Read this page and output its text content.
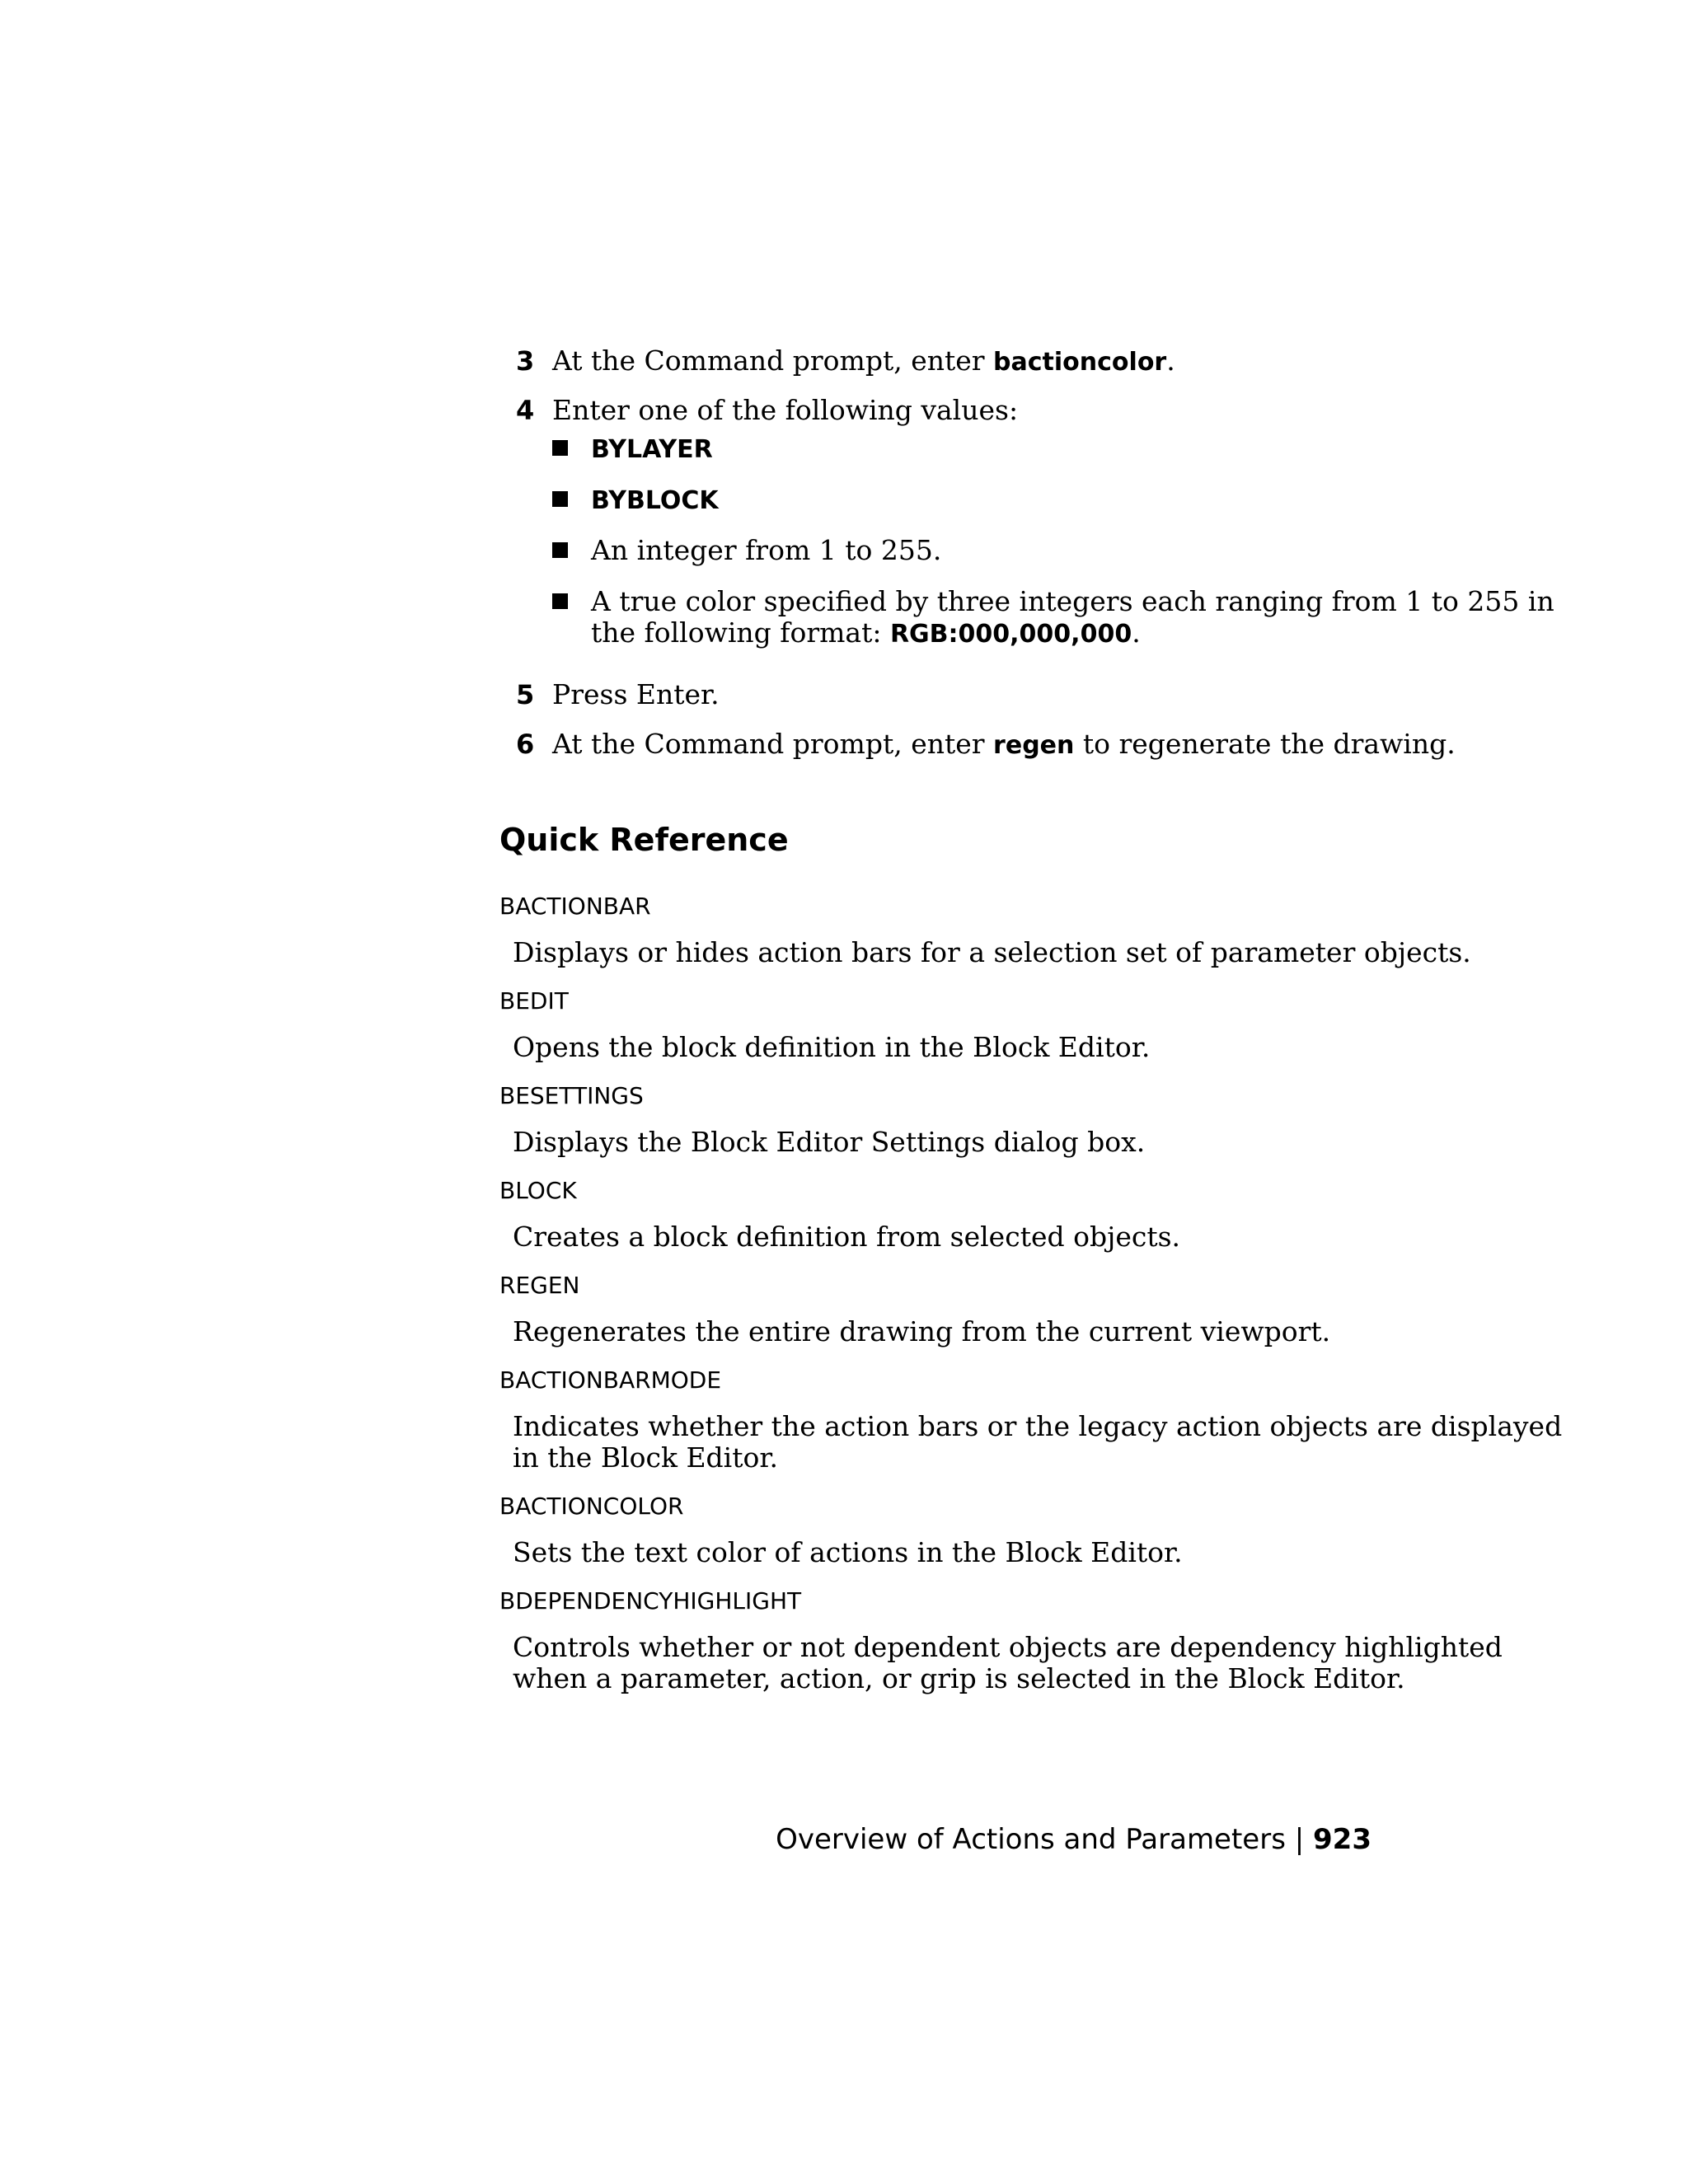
3 At the Command prompt, enter bactioncolor.
4 Enter one of the following values:
BYLAYER
BYBLOCK
An integer from 1 to 255.
A true color specified by three integers each ranging from 1 to 255 in
the following format: RGB:000,000,000.
5 Press Enter.
6 At the Command prompt, enter regen to regenerate the drawing.
Quick Reference
BACTIONBAR
Displays or hides action bars for a selection set of parameter objects.
BEDIT
Opens the block definition in the Block Editor.
BESETTINGS
Displays the Block Editor Settings dialog box.
BLOCK
Creates a block definition from selected objects.
REGEN
Regenerates the entire drawing from the current viewport.
BACTIONBARMODE
Indicates whether the action bars or the legacy action objects are displayed
in the Block Editor.
BACTIONCOLOR
Sets the text color of actions in the Block Editor.
BDEPENDENCYHIGHLIGHT
Controls whether or not dependent objects are dependency highlighted
when a parameter, action, or grip is selected in the Block Editor.
Overview of Actions and Parameters | 923
